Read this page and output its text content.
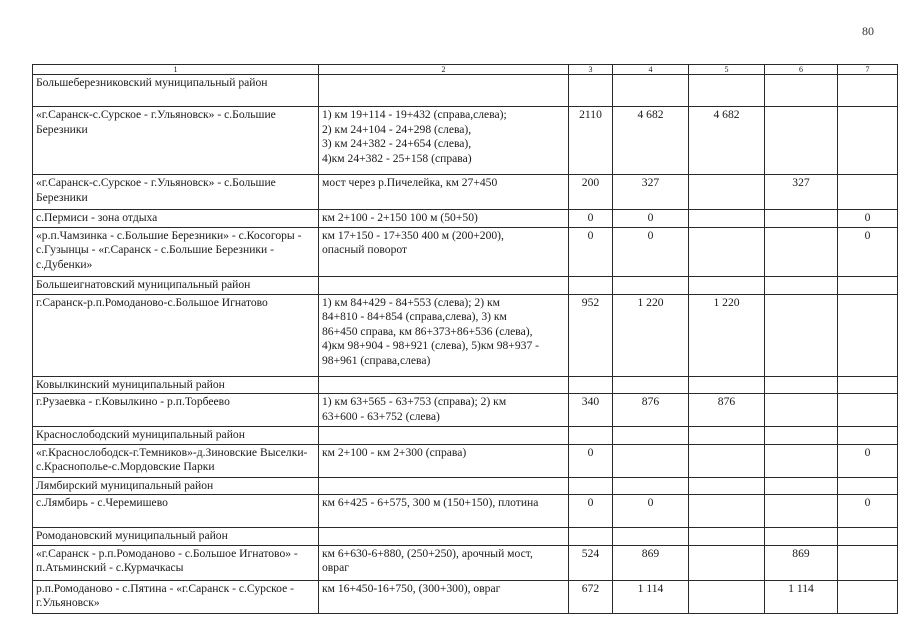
80
1	2	3	4	5	6	7
Большеберезниковский муниципальный район						
«г.Саранск-с.Сурское - г.Ульяновск» - с.Большие Березники	1) км 19+114 - 19+432 (справа,слева);
2) км 24+104 - 24+298 (слева),
3) км 24+382 - 24+654 (слева),
4)км 24+382 - 25+158 (справа)	2110	4 682	4 682		
«г.Саранск-с.Сурское - г.Ульяновск» - с.Большие Березники	мост через р.Пичелейка, км 27+450	200	327		327	
с.Пермиси - зона отдыха	км 2+100 - 2+150 100 м (50+50)	0	0			0
«р.п.Чамзинка - с.Большие Березники» - с.Косогоры - с.Гузынцы - «г.Саранск - с.Большие Березники - с.Дубенки»	км 17+150 - 17+350 400 м (200+200),
опасный поворот	0	0			0
Большеигнатовский муниципальный район						
г.Саранск-р.п.Ромоданово-с.Большое Игнатово	1) км 84+429 - 84+553 (слева); 2) км
84+810 - 84+854 (справа,слева), 3) км
86+450 справа, км 86+373+86+536 (слева),
4)км 98+904 - 98+921 (слева), 5)км 98+937 -
98+961 (справа,слева)	952	1 220	1 220		
Ковылкинский муниципальный район						
г.Рузаевка - г.Ковылкино - р.п.Торбеево	1) км 63+565 - 63+753 (справа); 2) км
63+600 - 63+752 (слева)	340	876	876		
Краснослободский муниципальный район						
«г.Краснослободск-г.Темников»-д.Зиновские Выселки-с.Краснополье-с.Мордовские Парки	км 2+100 - км 2+300 (справа)	0				0
Лямбирский муниципальный район						
с.Лямбирь - с.Черемишево	км 6+425 - 6+575, 300 м (150+150), плотина	0	0			0
Ромодановский муниципальный район						
«г.Саранск - р.п.Ромоданово - с.Большое Игнатово» - п.Атьминский - с.Курмачкасы	км 6+630-6+880, (250+250), арочный мост,
овраг	524	869		869	
р.п.Ромоданово - с.Пятина - «г.Саранск - с.Сурское - г.Ульяновск»	км 16+450-16+750, (300+300), овраг	672	1 114		1 114	
